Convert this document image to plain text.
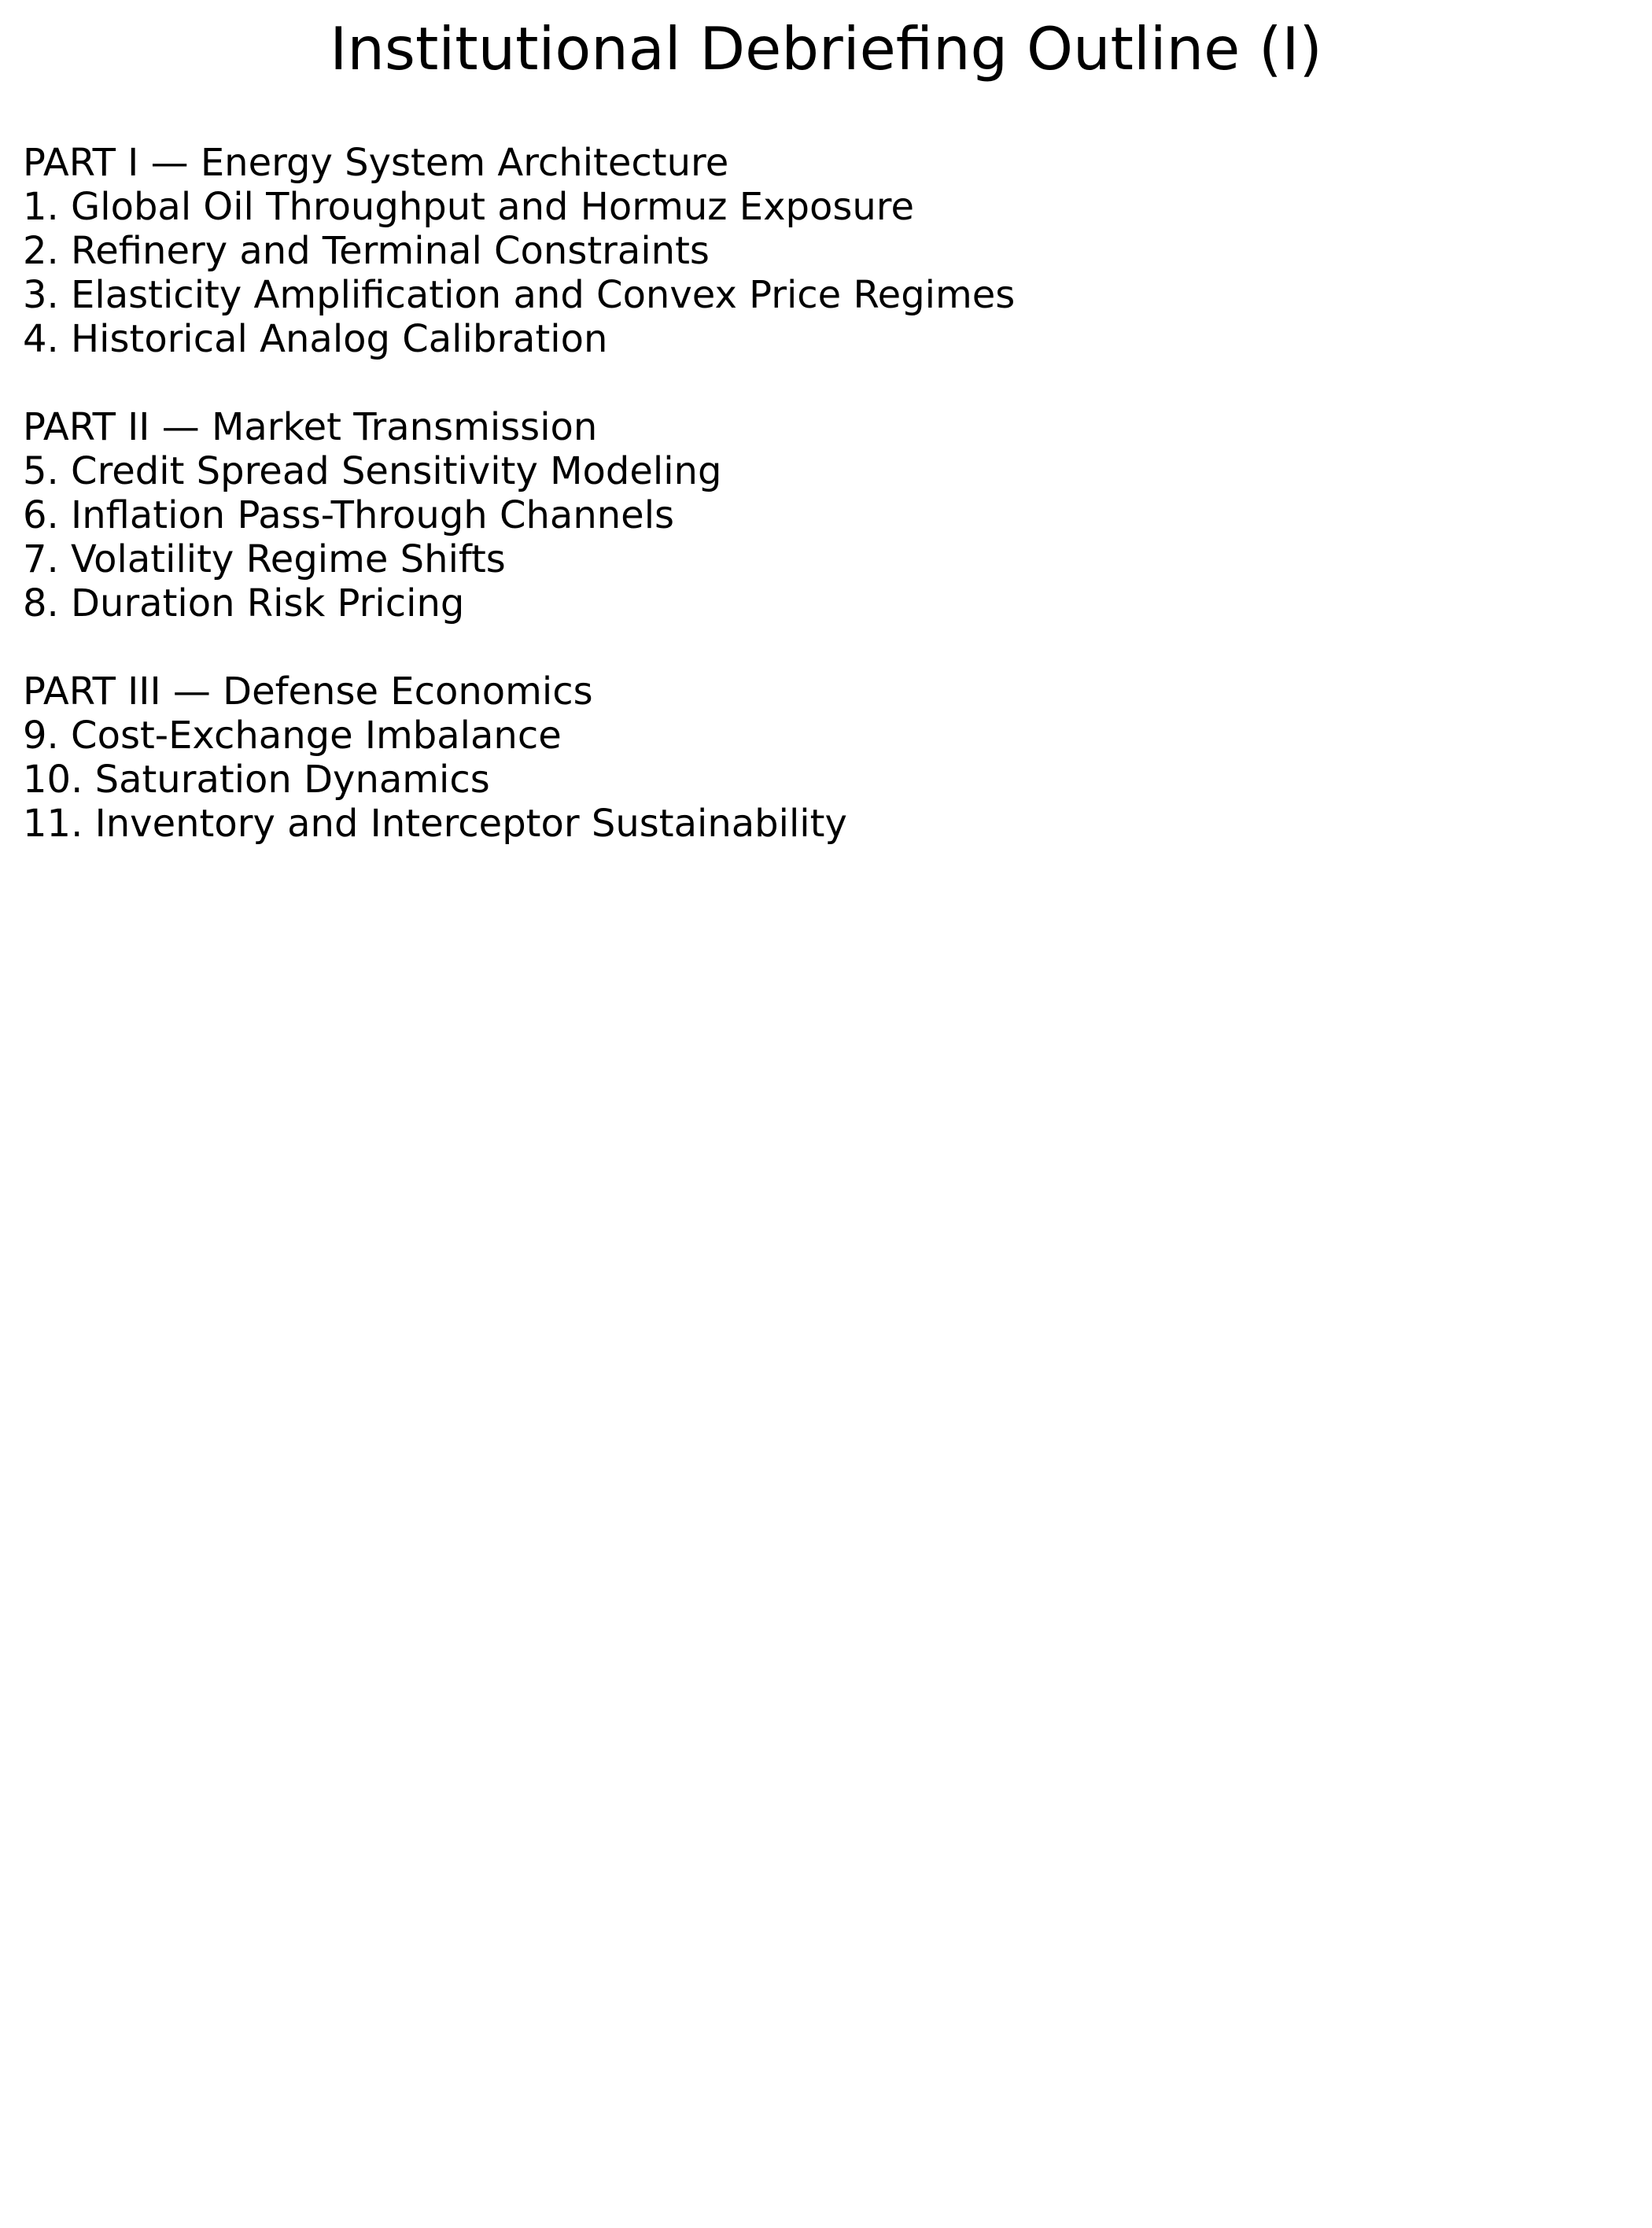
Institutional Debriefing Outline (I)
PART I — Energy System Architecture
1. Global Oil Throughput and Hormuz Exposure
2. Refinery and Terminal Constraints
3. Elasticity Amplification and Convex Price Regimes
4. Historical Analog Calibration
PART II — Market Transmission
5. Credit Spread Sensitivity Modeling
6. Inflation Pass-Through Channels
7. Volatility Regime Shifts
8. Duration Risk Pricing
PART III — Defense Economics
9. Cost-Exchange Imbalance
10. Saturation Dynamics
11. Inventory and Interceptor Sustainability
